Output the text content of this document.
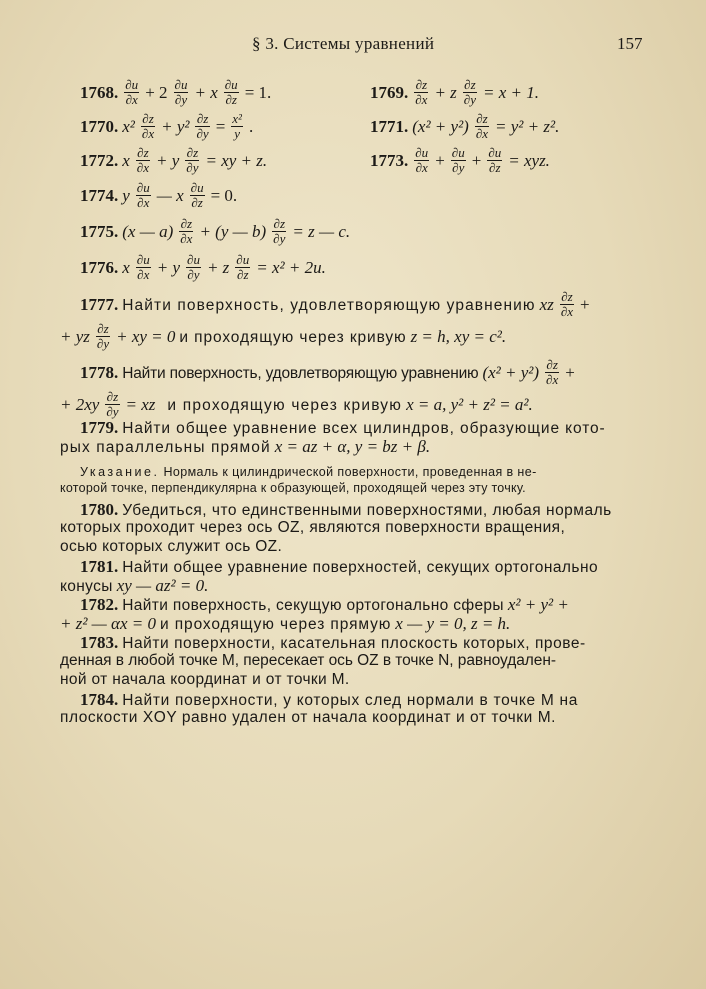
§ 3. Системы уравнений	157
1768. $\frac{\partial u}{\partial x} + 2 \frac{\partial u}{\partial y} + x \frac{\partial u}{\partial z} = 1$.	1769. $\frac{\partial z}{\partial x} + z \frac{\partial z}{\partial y} = x + 1$.
1770. $x^2 \frac{\partial z}{\partial x} + y^2 \frac{\partial z}{\partial y} = \frac{\text{x²}}{y}$ .	1771. $(x^2 + y^2) \frac{\partial z}{\partial x} = y^2 + z^2$.
1772. x $\frac{\partial z}{\partial x} + y \frac{\partial z}{\partial y}$ = xy + z.	1773. $\frac{\partial u}{\partial x} + \frac{\partial u}{\partial y} + \frac{\partial u}{\partial z}$ = xyz.
1774. y $\frac{\partial u}{\partial x}$ — x $\frac{\partial u}{\partial z} = 0$.
1775. (x — $a) \frac{\partial z}{\partial x} + (y$ — $b) \frac{\partial z}{\partial y} = z$ — c.
1776. x $\frac{\partial u}{\partial x} + y \frac{\partial u}{\partial y} + z \frac{\partial u}{\partial z} = x^2 + 2u$.
1777. Найти поверхность, удовлетворяющую уравнению xz $\frac{\partial z}{\partial x}$ +
+ yz $\frac{\partial z}{\partial y}$ + xy = 0 и проходящую через кривую z = h, xy = c².
1778. Найти поверхность, удовлетворяющую уравнению $(x^2 + y^2) \frac{\partial z}{\partial x}$ +
+ $2xy \frac{\partial z}{\partial y}$ = xz и проходящую через кривую x = a, y² + z² = a².
1779. Найти общее уравнение всех цилиндров, образующие кото-
рых параллельны прямой x = az + α, y = bz + β.
Указание. Нормаль к цилиндрической поверхности, проведенная в не-
которой точке, перпендикулярна к образующей, проходящей через эту точку.
1780. Убедиться, что единственными поверхностями, любая нормаль
которых проходит через ось OZ, являются поверхности вращения,
осью которых служит ось OZ.
1781. Найти общее уравнение поверхностей, секущих ортогонально
конусы xy — az² = 0.
1782. Найти поверхность, секущую ортогонально сферы x² + y² +
+ z² — αx = 0 и проходящую через прямую x — y = 0, z = h.
1783. Найти поверхности, касательная плоскость которых, прове-
денная в любой точке M, пересекает ось OZ в точке N, равноудален-
ной от начала координат и от точки M.
1784. Найти поверхности, у которых след нормали в точке M на
плоскости XOY равно удален от начала координат и от точки M.
